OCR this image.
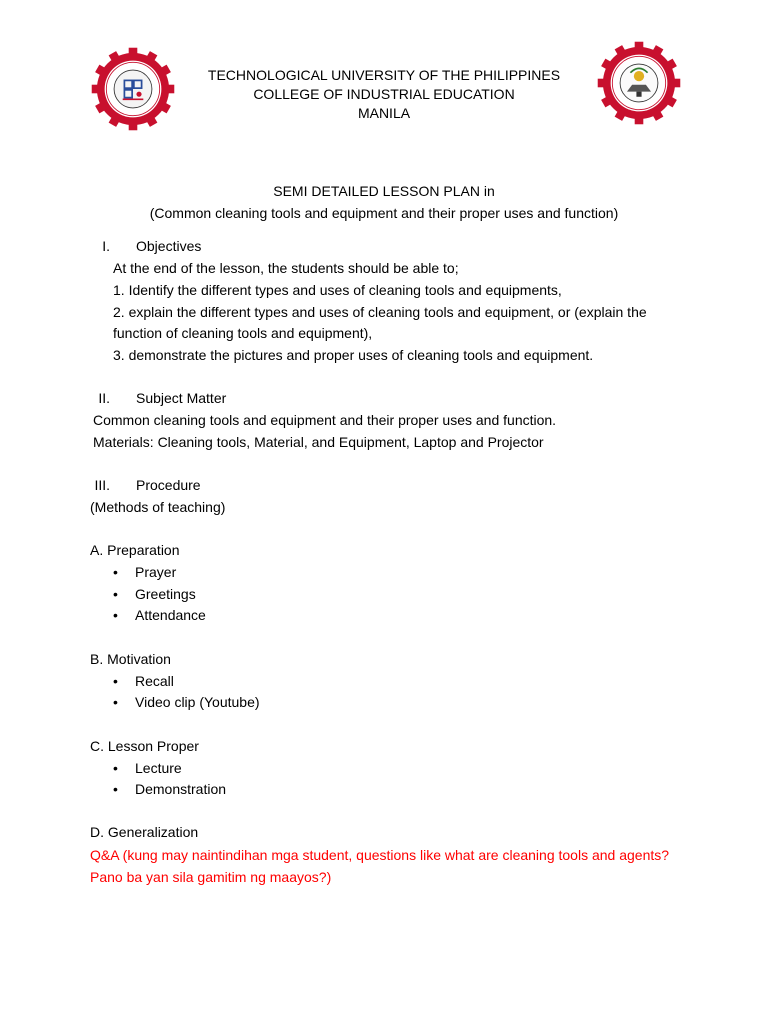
TECHNOLOGICAL UNIVERSITY OF THE PHILIPPINES
COLLEGE OF INDUSTRIAL EDUCATION
MANILA
SEMI DETAILED LESSON PLAN in
(Common cleaning tools and equipment and their proper uses and function)
I. Objectives
At the end of the lesson, the students should be able to;
1. Identify the different types and uses of cleaning tools and equipments,
2. explain the different types and uses of cleaning tools and equipment, or (explain the
function of cleaning tools and equipment),
3. demonstrate the pictures and proper uses of cleaning tools and equipment.
II. Subject Matter
Common cleaning tools and equipment and their proper uses and function.
Materials: Cleaning tools, Material, and Equipment, Laptop and Projector
III. Procedure
(Methods of teaching)
A. Preparation
• Prayer
• Greetings
• Attendance
B. Motivation
• Recall
• Video clip (Youtube)
C. Lesson Proper
• Lecture
• Demonstration
D. Generalization
Q&A (kung may naintindihan mga student, questions like what are cleaning tools and agents?
Pano ba yan sila gamitim ng maayos?)
